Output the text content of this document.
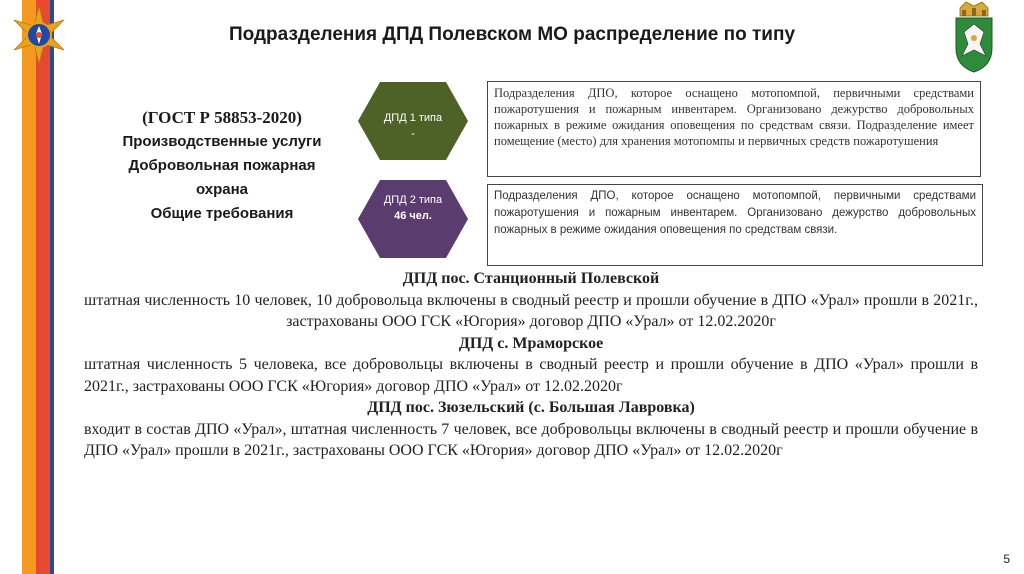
Подразделения ДПД Полевском МО распределение по типу
(ГОСТ Р 58853-2020)
Производственные услуги
Добровольная пожарная
охрана
Общие требования
ДПД 1 типа
-
Подразделения ДПО, которое оснащено мотопомпой, первичными средствами пожаротушения и пожарным инвентарем. Организовано дежурство добровольных пожарных в режиме ожидания оповещения по средствам связи. Подразделение имеет помещение (место) для хранения мотопомпы и первичных средств пожаротушения
ДПД 2 типа
46 чел.
Подразделения ДПО, которое оснащено мотопомпой, первичными средствами пожаротушения и пожарным инвентарем. Организовано дежурство добровольных пожарных в режиме ожидания оповещения по средствам связи.
ДПД пос. Станционный Полевской
штатная численность 10 человек, 10 добровольца включены в сводный реестр и прошли обучение в ДПО «Урал» прошли в 2021г., застрахованы ООО ГСК «Югория» договор ДПО «Урал» от 12.02.2020г
ДПД с. Мраморское
штатная численность 5 человека, все добровольцы включены в сводный реестр и прошли обучение в ДПО «Урал» прошли в 2021г., застрахованы ООО ГСК «Югория» договор ДПО «Урал» от 12.02.2020г
ДПД пос. Зюзельский (с. Большая Лавровка)
входит в состав ДПО «Урал», штатная численность 7 человек, все добровольцы включены в сводный реестр и прошли обучение в ДПО «Урал» прошли в 2021г., застрахованы ООО ГСК «Югория» договор ДПО «Урал» от 12.02.2020г
5
